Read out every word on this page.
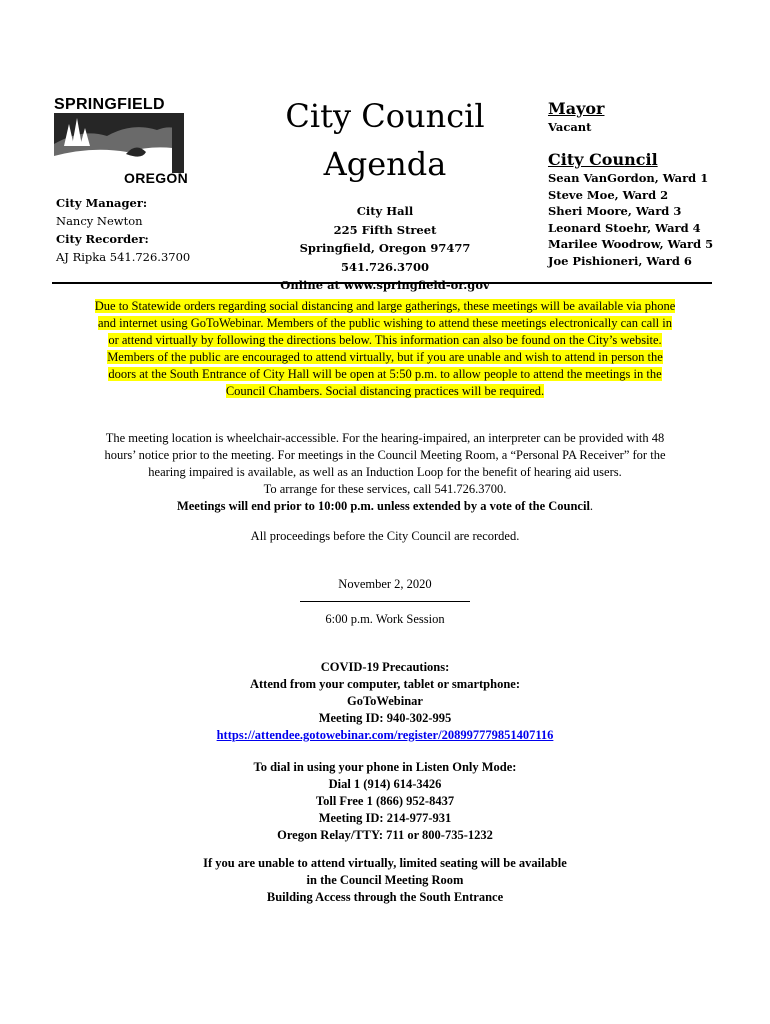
SPRINGFIELD
OREGON
City Manager:
Nancy Newton
City Recorder:
AJ Ripka 541.726.3700
City Council
Agenda
City Hall
225 Fifth Street
Springfield, Oregon 97477
541.726.3700
Online at www.springfield-or.gov
Mayor
Vacant
City Council
Sean VanGordon, Ward 1
Steve Moe, Ward 2
Sheri Moore, Ward 3
Leonard Stoehr, Ward 4
Marilee Woodrow, Ward 5
Joe Pishioneri, Ward 6
Due to Statewide orders regarding social distancing and large gatherings, these meetings will be available via phone
and internet using GoToWebinar. Members of the public wishing to attend these meetings electronically can call in
or attend virtually by following the directions below. This information can also be found on the City’s website.
Members of the public are encouraged to attend virtually, but if you are unable and wish to attend in person the
doors at the South Entrance of City Hall will be open at 5:50 p.m. to allow people to attend the meetings in the
Council Chambers. Social distancing practices will be required.
The meeting location is wheelchair-accessible. For the hearing-impaired, an interpreter can be provided with 48
hours’ notice prior to the meeting. For meetings in the Council Meeting Room, a “Personal PA Receiver” for the
hearing impaired is available, as well as an Induction Loop for the benefit of hearing aid users.
To arrange for these services, call 541.726.3700.
Meetings will end prior to 10:00 p.m. unless extended by a vote of the Council.
All proceedings before the City Council are recorded.
November 2, 2020
6:00 p.m. Work Session
COVID-19 Precautions:
Attend from your computer, tablet or smartphone:
GoToWebinar
Meeting ID: 940-302-995
https://attendee.gotowebinar.com/register/208997779851407116
To dial in using your phone in Listen Only Mode:
Dial 1 (914) 614-3426
Toll Free 1 (866) 952-8437
Meeting ID: 214-977-931
Oregon Relay/TTY: 711 or 800-735-1232
If you are unable to attend virtually, limited seating will be available
in the Council Meeting Room
Building Access through the South Entrance
